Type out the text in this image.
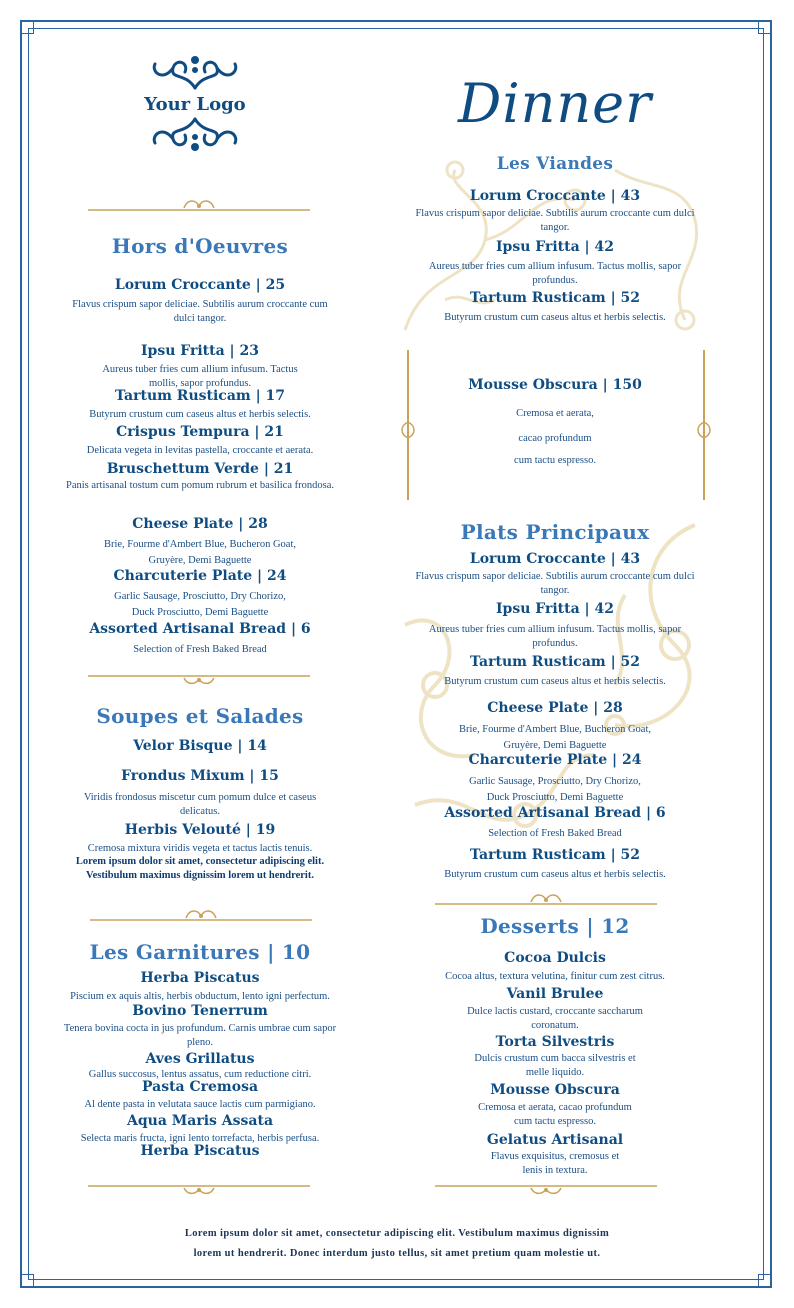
Your Logo	Dinner
Hors d'Oeuvres
Lorum Croccante | 25
Flavus crispum sapor deliciae. Subtilis aurum croccante cum dulci tangor.
Ipsu Fritta | 23
Aureus tuber fries cum allium infusum. Tactus mollis, sapor profundus.
Tartum Rusticam | 17
Butyrum crustum cum caseus altus et herbis selectis.
Crispus Tempura | 21
Delicata vegeta in levitas pastella, croccante et aerata.
Bruschettum Verde | 21
Panis artisanal tostum cum pomum rubrum et basilica frondosa.
Cheese Plate | 28
Brie, Fourme d'Ambert Blue, Bucheron Goat,
Gruyère, Demi Baguette
Charcuterie Plate | 24
Garlic Sausage, Prosciutto, Dry Chorizo,
Duck Prosciutto, Demi Baguette
Assorted Artisanal Bread | 6
Selection of Fresh Baked Bread
Soupes et Salades
Velor Bisque | 14
Frondus Mixum | 15
Viridis frondosus miscetur cum pomum dulce et caseus delicatus.
Herbis Velouté | 19
Cremosa mixtura viridis vegeta et tactus lactis tenuis.
Lorem ipsum dolor sit amet, consectetur adipiscing elit. Vestibulum maximus dignissim lorem ut hendrerit.
Les Garnitures | 10
Herba Piscatus
Piscium ex aquis altis, herbis obductum, lento igni perfectum.
Bovino Tenerrum
Tenera bovina cocta in jus profundum. Carnis umbrae cum sapor pleno.
Aves Grillatus
Gallus succosus, lentus assatus, cum reductione citri.
Pasta Cremosa
Al dente pasta in velutata sauce lactis cum parmigiano.
Aqua Maris Assata
Selecta maris fructa, igni lento torrefacta, herbis perfusa.
Herba Piscatus
Les Viandes
Lorum Croccante | 43
Flavus crispum sapor deliciae. Subtilis aurum croccante cum dulci tangor.
Ipsu Fritta | 42
Aureus tuber fries cum allium infusum. Tactus mollis, sapor profundus.
Tartum Rusticam | 52
Butyrum crustum cum caseus altus et herbis selectis.
Mousse Obscura | 150
Cremosa et aerata,
cacao profundum
cum tactu espresso.
Plats Principaux
Lorum Croccante | 43
Flavus crispum sapor deliciae. Subtilis aurum croccante cum dulci tangor.
Ipsu Fritta | 42
Aureus tuber fries cum allium infusum. Tactus mollis, sapor profundus.
Tartum Rusticam | 52
Butyrum crustum cum caseus altus et herbis selectis.
Cheese Plate | 28
Brie, Fourme d'Ambert Blue, Bucheron Goat,
Gruyère, Demi Baguette
Charcuterie Plate | 24
Garlic Sausage, Prosciutto, Dry Chorizo,
Duck Prosciutto, Demi Baguette
Assorted Artisanal Bread | 6
Selection of Fresh Baked Bread
Tartum Rusticam | 52
Butyrum crustum cum caseus altus et herbis selectis.
Desserts | 12
Cocoa Dulcis
Cocoa altus, textura velutina, finitur cum zest citrus.
Vanil Brulee
Dulce lactis custard, croccante saccharum coronatum.
Torta Silvestris
Dulcis crustum cum bacca silvestris et melle liquido.
Mousse Obscura
Cremosa et aerata, cacao profundum cum tactu espresso.
Gelatus Artisanal
Flavus exquisitus, cremosus et lenis in textura.
Lorem ipsum dolor sit amet, consectetur adipiscing elit. Vestibulum maximus dignissim
lorem ut hendrerit. Donec interdum justo tellus, sit amet pretium quam molestie ut.
